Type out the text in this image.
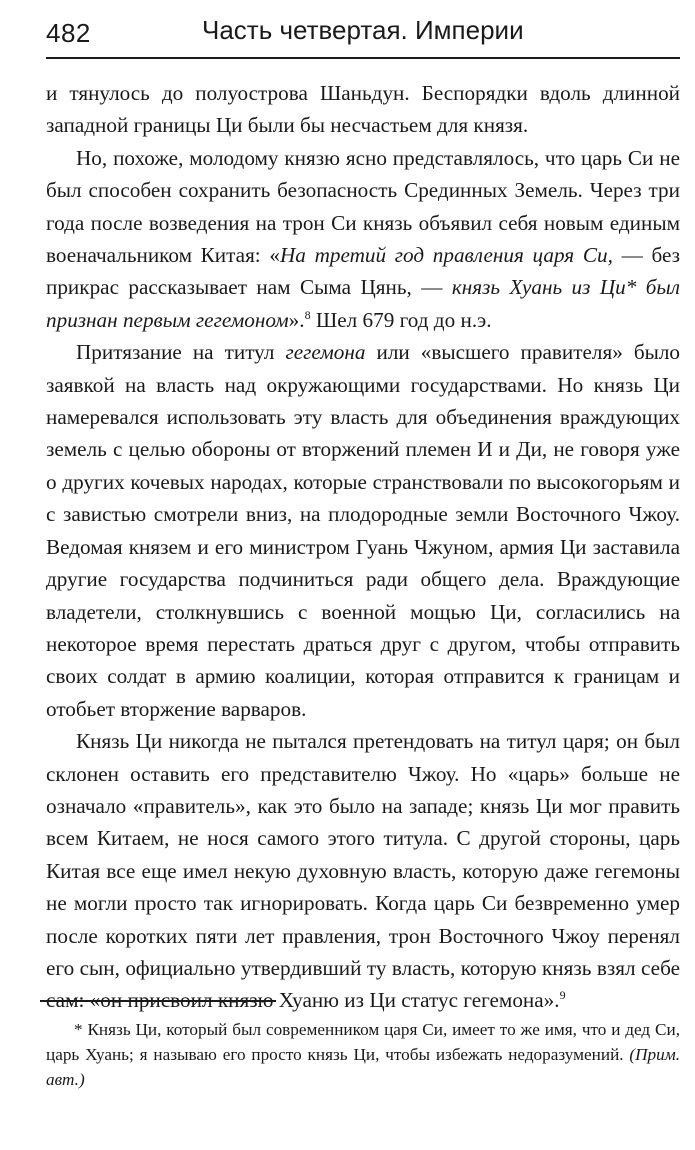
482	Часть четвертая. Империи

и тянулось до полуострова Шаньдун. Беспорядки вдоль длинной западной границы Ци были бы несчастьем для князя.

Но, похоже, молодому князю ясно представлялось, что царь Си не был способен сохранить безопасность Срединных Земель. Через три года после возведения на трон Си князь объявил себя новым единым военачальником Китая: «На третий год правления царя Си, — без прикрас рассказывает нам Сыма Цянь, — князь Хуань из Ци* был признан первым гегемоном».$^8$ Шел 679 год до н.э.

Притязание на титул гегемона или «высшего правителя» было заявкой на власть над окружающими государствами. Но князь Ци намеревался использовать эту власть для объединения враждующих земель с целью обороны от вторжений племен И и Ди, не говоря уже о других кочевых народах, которые странствовали по высокогорьям и с завистью смотрели вниз, на плодородные земли Восточного Чжоу. Ведомая князем и его министром Гуань Чжуном, армия Ци заставила другие государства подчиниться ради общего дела. Враждующие владетели, столкнувшись с военной мощью Ци, согласились на некоторое время перестать драться друг с другом, чтобы отправить своих солдат в армию коалиции, которая отправится к границам и отобьет вторжение варваров.

Князь Ци никогда не пытался претендовать на титул царя; он был склонен оставить его представителю Чжоу. Но «царь» больше не означало «правитель», как это было на западе; князь Ци мог править всем Китаем, не нося самого этого титула. С другой стороны, царь Китая все еще имел некую духовную власть, которую даже гегемоны не могли просто так игнорировать. Когда царь Си безвременно умер после коротких пяти лет правления, трон Восточного Чжоу перенял его сын, официально утвердивший ту власть, которую князь взял себе сам: «он присвоил князю Хуаню из Ци статус гегемона».$^9$

* Князь Ци, который был современником царя Си, имеет то же имя, что и дед Си, царь Хуань; я называю его просто князь Ци, чтобы избежать недоразумений. (Прим. авт.)
